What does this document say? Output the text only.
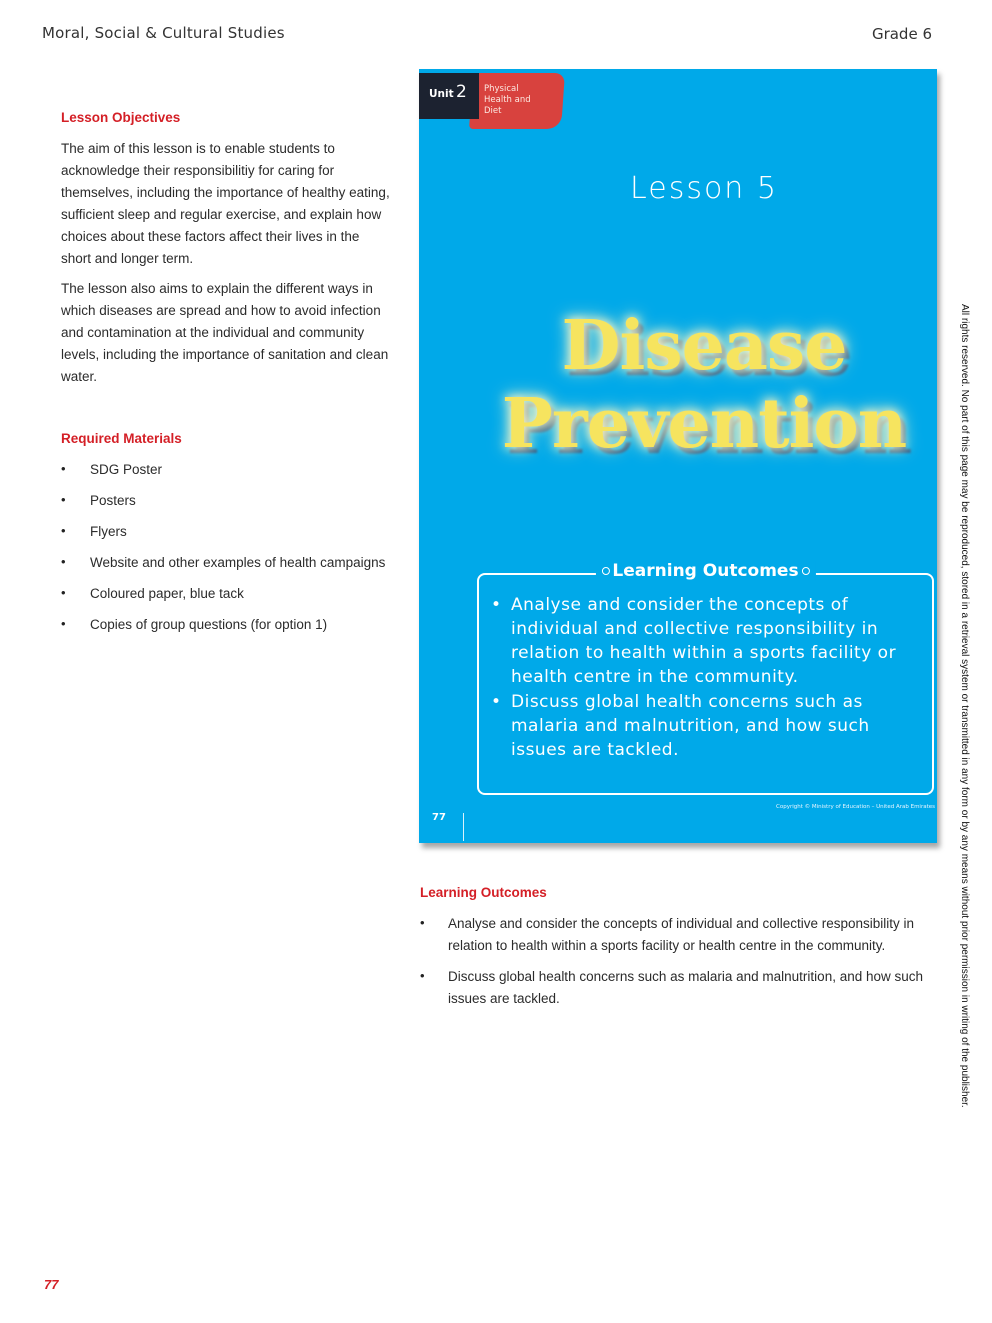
Moral, Social & Cultural Studies	Grade 6
Lesson Objectives

The aim of this lesson is to enable students to acknowledge their responsibilitiy for caring for themselves, including the importance of healthy eating, sufficient sleep and regular exercise, and explain how choices about these factors affect their lives in the short and longer term.

The lesson also aims to explain the different ways in which diseases are spread and how to avoid infection and contamination at the individual and community levels, including the importance of sanitation and clean water.

Required Materials
• SDG Poster
• Posters
• Flyers
• Website and other examples of health campaigns
• Coloured paper, blue tack
• Copies of group questions (for option 1)
Unit 2 Physical Health and Diet
Lesson 5
Disease Prevention
Learning Outcomes
• Analyse and consider the concepts of individual and collective responsibility in relation to health within a sports facility or health centre in the community.
• Discuss global health concerns such as malaria and malnutrition, and how such issues are tackled.
77
Copyright © Ministry of Education – United Arab Emirates All rights reserved. No part of this page may be reproduced, stored in a retrieval system or transmitted in any form or by any means without prior permission in writing of the publisher.
Learning Outcomes
• Analyse and consider the concepts of individual and collective responsibility in relation to health within a sports facility or health centre in the community.
• Discuss global health concerns such as malaria and malnutrition, and how such issues are tackled.
77
